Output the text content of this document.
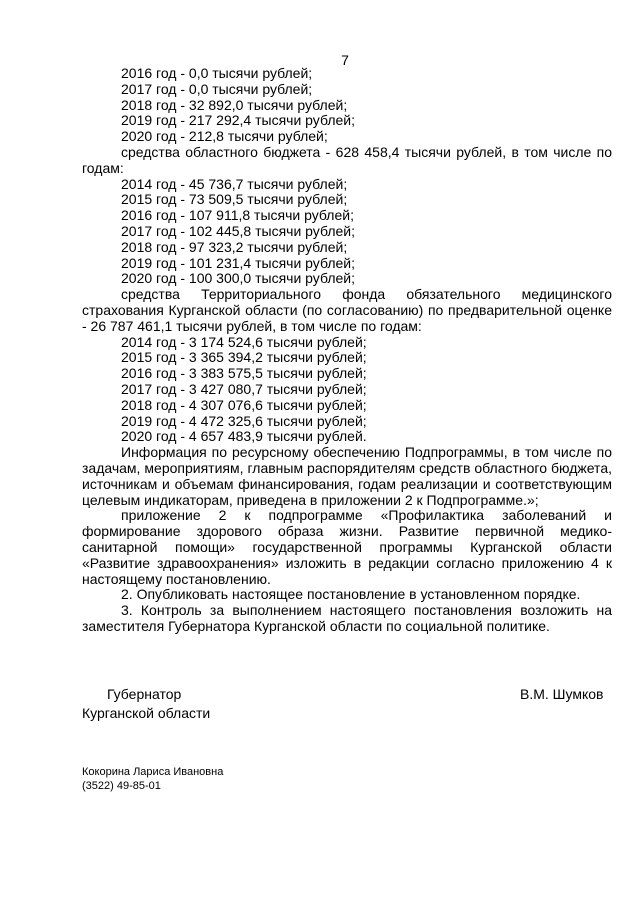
7
2016 год - 0,0 тысячи рублей;
2017 год - 0,0 тысячи рублей;
2018 год - 32 892,0 тысячи рублей;
2019 год - 217 292,4 тысячи рублей;
2020 год - 212,8 тысячи рублей;
средства областного бюджета - 628 458,4 тысячи рублей, в том числе по годам:
2014 год - 45 736,7 тысячи рублей;
2015 год - 73 509,5 тысячи рублей;
2016 год - 107 911,8 тысячи рублей;
2017 год - 102 445,8 тысячи рублей;
2018 год - 97 323,2 тысячи рублей;
2019 год - 101 231,4 тысячи рублей;
2020 год - 100 300,0 тысячи рублей;
средства Территориального фонда обязательного медицинского страхования Курганской области (по согласованию) по предварительной оценке - 26 787 461,1 тысячи рублей, в том числе по годам:
2014 год - 3 174 524,6 тысячи рублей;
2015 год - 3 365 394,2 тысячи рублей;
2016 год - 3 383 575,5 тысячи рублей;
2017 год - 3 427 080,7 тысячи рублей;
2018 год - 4 307 076,6 тысячи рублей;
2019 год - 4 472 325,6 тысячи рублей;
2020 год - 4 657 483,9 тысячи рублей.
Информация по ресурсному обеспечению Подпрограммы, в том числе по задачам, мероприятиям, главным распорядителям средств областного бюджета, источникам и объемам финансирования, годам реализации и соответствующим целевым индикаторам, приведена в приложении 2 к Подпрограмме.»;
приложение 2 к подпрограмме «Профилактика заболеваний и формирование здорового образа жизни. Развитие первичной медико-санитарной помощи» государственной программы Курганской области «Развитие здравоохранения» изложить в редакции согласно приложению 4 к настоящему постановлению.
2. Опубликовать настоящее постановление в установленном порядке.
3. Контроль за выполнением настоящего постановления возложить на заместителя Губернатора Курганской области по социальной политике.
Губернатор
Курганской области
В.М. Шумков
Кокорина Лариса Ивановна
(3522) 49-85-01
